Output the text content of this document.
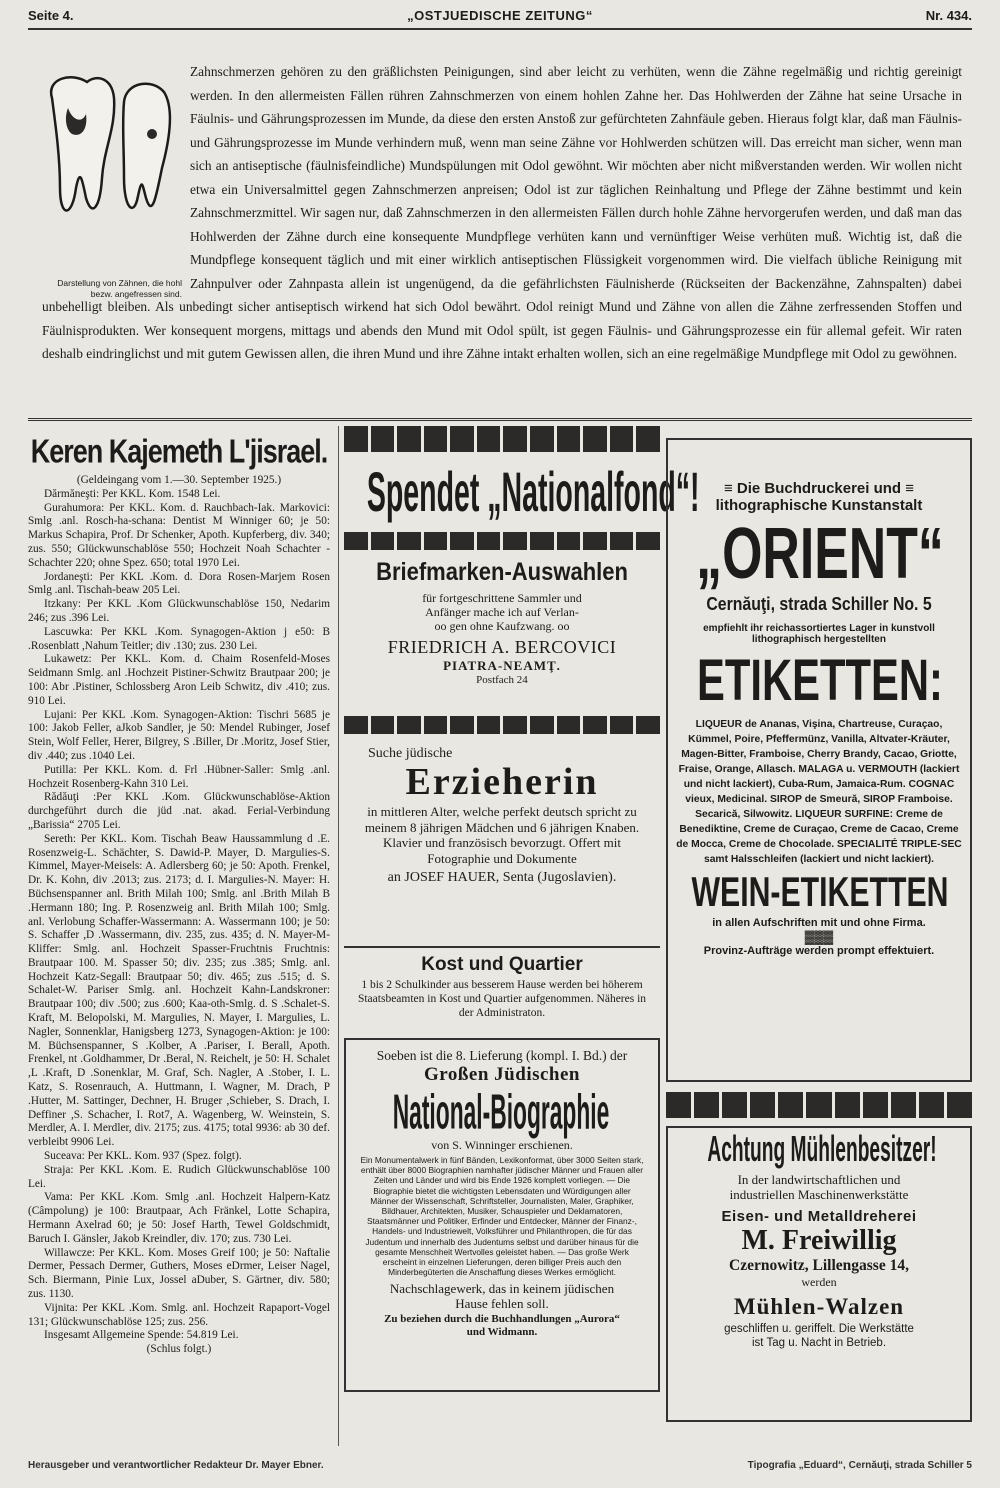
Seite 4.	„OSTJUEDISCHE ZEITUNG“	Nr. 434.
Darstellung von Zähnen, die hohl bezw. angefressen sind.
Zahnschmerzen gehören zu den gräßlichsten Peinigungen, sind aber leicht zu verhüten, wenn die Zähne regelmäßig und richtig gereinigt werden. In den allermeisten Fällen rühren Zahnschmerzen von einem hohlen Zahne her. Das Hohlwerden der Zähne hat seine Ursache in Fäulnis- und Gährungsprozessen im Munde, da diese den ersten Anstoß zur gefürchteten Zahnfäule geben. Hieraus folgt klar, daß man Fäulnis- und Gährungsprozesse im Munde verhindern muß, wenn man seine Zähne vor Hohlwerden schützen will. Das erreicht man sicher, wenn man sich an antiseptische (fäulnisfeindliche) Mundspülungen mit Odol gewöhnt. Wir möchten aber nicht mißverstanden werden. Wir wollen nicht etwa ein Universalmittel gegen Zahnschmerzen anpreisen; Odol ist zur täglichen Reinhaltung und Pflege der Zähne bestimmt und kein Zahnschmerzmittel. Wir sagen nur, daß Zahnschmerzen in den allermeisten Fällen durch hohle Zähne hervorgerufen werden, und daß man das Hohlwerden der Zähne durch eine konsequente Mundpflege verhüten kann und vernünftiger Weise verhüten muß. Wichtig ist, daß die Mundpflege konsequent täglich und mit einer wirklich antiseptischen Flüssigkeit vorgenommen wird. Die vielfach übliche Reinigung mit Zahnpulver oder Zahnpasta allein ist ungenügend, da die gefährlichsten Fäulnisherde (Rückseiten der Backenzähne, Zahnspalten) dabei unbehelligt bleiben. Als unbedingt sicher antiseptisch wirkend hat sich Odol bewährt. Odol reinigt Mund und Zähne von allen die Zähne zerfressenden Stoffen und Fäulnisprodukten. Wer konsequent morgens, mittags und abends den Mund mit Odol spült, ist gegen Fäulnis- und Gährungsprozesse ein für allemal gefeit. Wir raten deshalb eindringlichst und mit gutem Gewissen allen, die ihren Mund und ihre Zähne intakt erhalten wollen, sich an eine regelmäßige Mundpflege mit Odol zu gewöhnen.
Keren Kajemeth L'jisrael.

(Geldeingang vom 1.—30. September 1925.)

Dărmăneşti: Per KKL. Kom. 1548 Lei.

Gurahumora: Per KKL. Kom. d. Rauchbach-Iak. Markovici: Smlg .anl. Rosch-ha-schana: Dentist M Winniger 60; je 50: Markus Schapira, Prof. Dr Schenker, Apoth. Kupferberg, div. 340; zus. 550; Glückwunschablöse 550; Hochzeit Noah Schachter -Schachter 220; ohne Spez. 650; total 1970 Lei.

Jordaneşti: Per KKL .Kom. d. Dora Rosen-Marjem Rosen Smlg .anl. Tischah-beaw 205 Lei.

Itzkany: Per KKL .Kom Glückwunschablöse 150, Nedarim 246; zus .396 Lei.

Lascuwka: Per KKL .Kom. Synagogen-Aktion j e50: B .Rosenblatt ,Nahum Teitler; div .130; zus. 230 Lei.

Lukawetz: Per KKL. Kom. d. Chaim Rosenfeld-Moses Seidmann Smlg. anl .Hochzeit Pistiner-Schwitz Brautpaar 200; je 100: Abr .Pistiner, Schlossberg Aron Leib Schwitz, div .410; zus. 910 Lei.

Lujani: Per KKL .Kom. Synagogen-Aktion: Tischri 5685 je 100: Jakob Feller, aJkob Sandler, je 50: Mendel Rubinger, Josef Stein, Wolf Feller, Herer, Bilgrey, S .Biller, Dr .Moritz, Josef Stier, div .440; zus .1040 Lei.

Putilla: Per KKL. Kom. d. Frl .Hübner-Saller: Smlg .anl. Hochzeit Rosenberg-Kahn 310 Lei.

Rădăuţi :Per KKL .Kom. Glückwunschablöse-Aktion durchgeführt durch die jüd .nat. akad. Ferial-Verbindung „Barissia“ 2705 Lei.

Sereth: Per KKL. Kom. Tischah Beaw Haussammlung d .E. Rosenzweig-L. Schächter, S. Dawid-P. Mayer, D. Margulies-S. Kimmel, Mayer-Meisels: A. Adlersberg 60; je 50: Apoth. Frenkel, Dr. K. Kohn, div .2013; zus. 2173; d. I. Margulies-N. Mayer: H. Büchsenspanner anl. Brith Milah 100; Smlg. anl .Brith Milah B .Hermann 180; Ing. P. Rosenzweig anl. Brith Milah 100; Smlg. anl. Verlobung Schaffer-Wassermann: A. Wassermann 100; je 50: S. Schaffer ,D .Wassermann, div. 235, zus. 435; d. N. Mayer-M-Kliffer: Smlg. anl. Hochzeit Spasser-Fruchtnis Fruchtnis: Brautpaar 100. M. Spasser 50; div. 235; zus .385; Smlg. anl. Hochzeit Katz-Segall: Brautpaar 50; div. 465; zus .515; d. S. Schalet-W. Pariser Smlg. anl. Hochzeit Kahn-Landskroner: Brautpaar 100; div .500; zus .600; Kaa-oth-Smlg. d. S .Schalet-S. Kraft, M. Belopolski, M. Margulies, N. Mayer, I. Margulies, L. Nagler, Sonnenklar, Hanigsberg 1273, Synagogen-Aktion: je 100: M. Büchsenspanner, S .Kolber, A .Pariser, I. Berall, Apoth. Frenkel, nt .Goldhammer, Dr .Beral, N. Reichelt, je 50: H. Schalet ,L .Kraft, D .Sonenklar, M. Graf, Sch. Nagler, A .Stober, I. L. Katz, S. Rosenrauch, A. Huttmann, I. Wagner, M. Drach, P .Hutter, M. Sattinger, Dechner, H. Bruger ,Schieber, S. Drach, I. Deffiner ,S. Schacher, I. Rot7, A. Wagenberg, W. Weinstein, S. Merdler, A. I. Merdler, div. 2175; zus. 4175; total 9936: ab 30 def. verbleibt 9906 Lei.

Suceava: Per KKL. Kom. 937 (Spez. folgt).

Straja: Per KKL .Kom. E. Rudich Glückwunschablöse 100 Lei.

Vama: Per KKL .Kom. Smlg .anl. Hochzeit Halpern-Katz (Câmpolung) je 100: Brautpaar, Ach Fränkel, Lotte Schapira, Hermann Axelrad 60; je 50: Josef Harth, Tewel Goldschmidt, Baruch I. Gänsler, Jakob Kreindler, div. 170; zus. 730 Lei.

Willawcze: Per KKL. Kom. Moses Greif 100; je 50: Naftalie Dermer, Pessach Dermer, Guthers, Moses eDrmer, Leiser Nagel, Sch. Biermann, Pinie Lux, Jossel aDuber, S. Gärtner, div. 580; zus. 1130.

Vijnita: Per KKL .Kom. Smlg. anl. Hochzeit Rapaport-Vogel 131; Glückwunschablöse 125; zus. 256.

Insgesamt Allgemeine Spende: 54.819 Lei.

(Schlus folgt.)

Spendet „Nationalfond“!
Briefmarken-Auswahlen
für fortgeschrittene Sammler und
Anfänger mache ich auf Verlan-
oo gen ohne Kaufzwang. oo
FRIEDRICH A. BERCOVICI
PIATRA-NEAMŢ.
Postfach 24
Suche jüdische
Erzieherin
in mittleren Alter, welche perfekt deutsch spricht zu meinem 8 jährigen Mädchen und 6 jährigen Knaben. Klavier und französisch bevorzugt. Offert mit Fotographie und Dokumente
an JOSEF HAUER, Senta (Jugoslavien).
Kost und Quartier
1 bis 2 Schulkinder aus besserem Hause werden bei höherem Staatsbeamten in Kost und Quartier aufgenommen. Näheres in der Administraton.
Soeben ist die 8. Lieferung (kompl. I. Bd.) der
Großen Jüdischen
National-Biographie
von S. Winninger erschienen.
Ein Monumentalwerk in fünf Bänden, Lexikonformat, über 3000 Seiten stark, enthält über 8000 Biographien namhafter jüdischer Männer und Frauen aller Zeiten und Länder und wird bis Ende 1926 komplett vorliegen. — Die Biographie bietet die wichtigsten Lebensdaten und Würdigungen aller Männer der Wissenschaft, Schriftsteller, Journalisten, Maler, Graphiker, Bildhauer, Architekten, Musiker, Schauspieler und Deklamatoren, Staatsmänner und Politiker, Erfinder und Entdecker, Männer der Finanz-, Handels- und Industriewelt, Volksführer und Philanthropen, die für das Judentum und innerhalb des Judentums selbst und darüber hinaus für die gesamte Menschheit Wertvolles geleistet haben. — Das große Werk erscheint in einzelnen Lieferungen, deren billiger Preis auch den Minderbegüterten die Anschaffung dieses Werkes ermöglicht.
Nachschlagewerk, das in keinem jüdischen Hause fehlen soll.
Zu beziehen durch die Buchhandlungen „Aurora“ und Widmann.
≡ Die Buchdruckerei und ≡
lithographische Kunstanstalt
„ORIENT“
Cernăuţi, strada Schiller No. 5
empfiehlt ihr reichassortiertes Lager in kunstvoll lithographisch hergestellten
ETIKETTEN:
LIQUEUR de Ananas, Vişina, Chartreuse, Curaçao, Kümmel, Poire, Pfeffermünz, Vanilla, Altvater-Kräuter, Magen-Bitter, Framboise, Cherry Brandy, Cacao, Griotte, Fraise, Orange, Allasch. MALAGA u. VERMOUTH (lackiert und nicht lackiert), Cuba-Rum, Jamaica-Rum. COGNAC vieux, Medicinal. SIROP de Smeură, SIROP Framboise. Secarică, Silwowitz. LIQUEUR SURFINE: Creme de Benediktine, Creme de Curaçao, Creme de Cacao, Creme de Mocca, Creme de Chocolade. SPECIALITÉ TRIPLE-SEC samt Halsschleifen (lackiert und nicht lackiert).
WEIN-ETIKETTEN
in allen Aufschriften mit und ohne Firma.
▓▓▓
Provinz-Aufträge werden prompt effektuiert.
Achtung Mühlenbesitzer!
In der landwirtschaftlichen und industriellen Maschinenwerkstätte
Eisen- und Metalldreherei
M. Freiwillig
Czernowitz, Lillengasse 14,
werden
Mühlen-Walzen
geschliffen u. geriffelt. Die Werkstätte ist Tag u. Nacht in Betrieb.
Herausgeber und verantwortlicher Redakteur Dr. Mayer Ebner.	Tipografia „Eduard“, Cernăuţi, strada Schiller 5
